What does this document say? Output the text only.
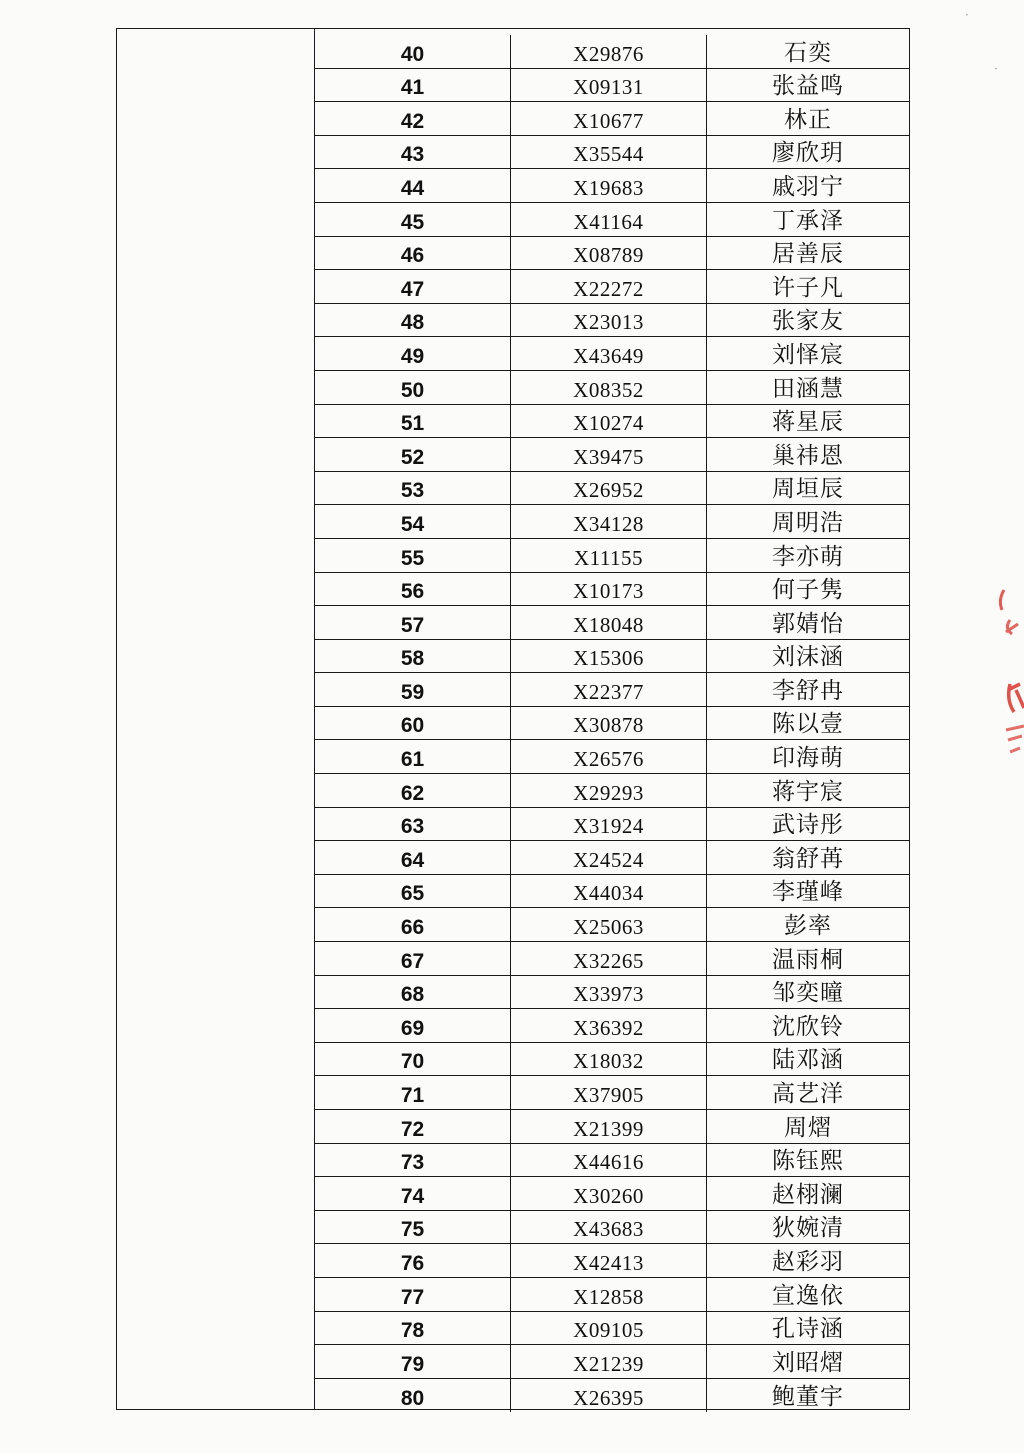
40	X29876	石奕
41	X09131	张益鸣
42	X10677	林正
43	X35544	廖欣玥
44	X19683	戚羽宁
45	X41164	丁承泽
46	X08789	居善辰
47	X22272	许子凡
48	X23013	张家友
49	X43649	刘怿宸
50	X08352	田涵慧
51	X10274	蒋星辰
52	X39475	巢祎恩
53	X26952	周垣辰
54	X34128	周明浩
55	X11155	李亦萌
56	X10173	何子隽
57	X18048	郭婧怡
58	X15306	刘沫涵
59	X22377	李舒冉
60	X30878	陈以壹
61	X26576	印海萌
62	X29293	蒋宇宸
63	X31924	武诗彤
64	X24524	翁舒苒
65	X44034	李瑾峰
66	X25063	彭率
67	X32265	温雨桐
68	X33973	邹奕曈
69	X36392	沈欣铃
70	X18032	陆邓涵
71	X37905	高艺洋
72	X21399	周熠
73	X44616	陈钰熙
74	X30260	赵栩澜
75	X43683	狄婉清
76	X42413	赵彩羽
77	X12858	宣逸依
78	X09105	孔诗涵
79	X21239	刘昭熠
80	X26395	鲍董宇
·
·
